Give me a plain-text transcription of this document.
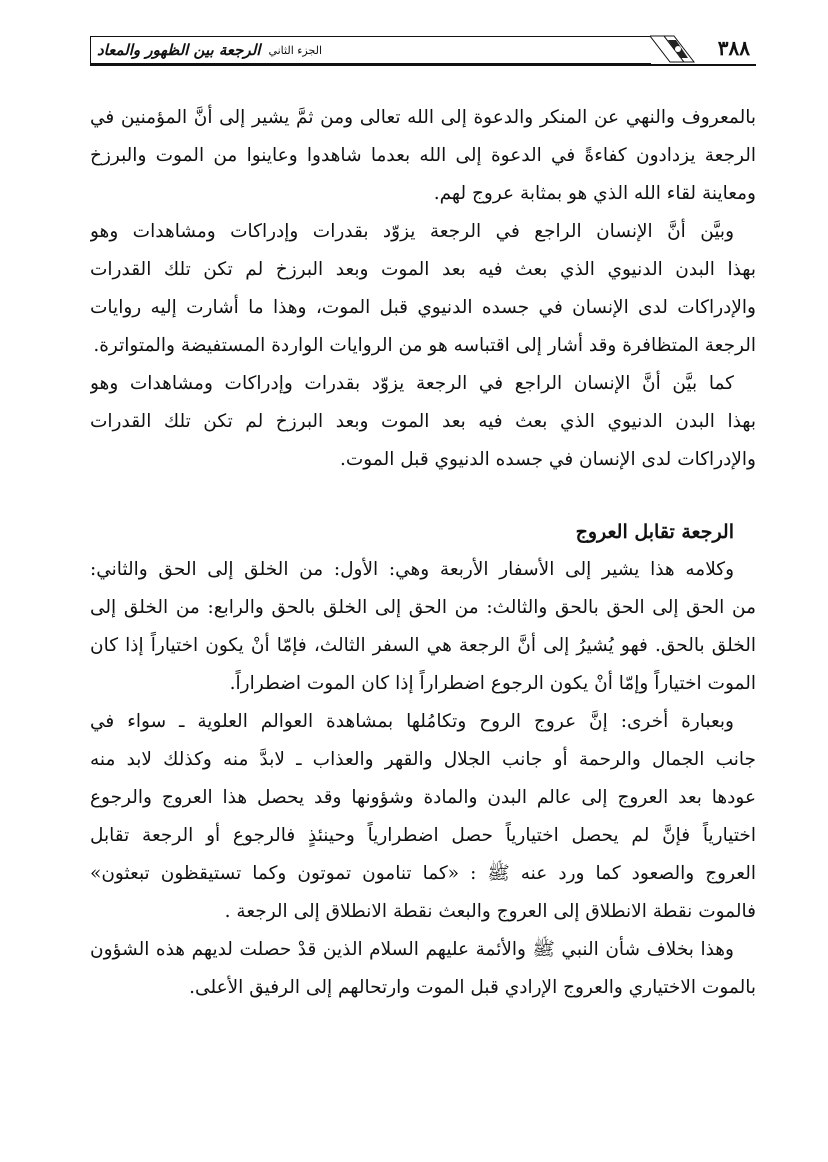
الرجعة بين الظهور والمعاد الجزء الثاني	٣٨٨
بالمعروف والنهي عن المنكر والدعوة إلى الله تعالى ومن ثمَّ يشير إلى أنَّ المؤمنين في
الرجعة يزدادون كفاءةً في الدعوة إلى الله بعدما شاهدوا وعاينوا من الموت والبرزخ
ومعاينة لقاء الله الذي هو بمثابة عروج لهم.
وبيَّن أنَّ الإنسان الراجع في الرجعة يزوّد بقدرات وإدراكات ومشاهدات وهو
بهذا البدن الدنيوي الذي بعث فيه بعد الموت وبعد البرزخ لم تكن تلك القدرات
والإدراكات لدى الإنسان في جسده الدنيوي قبل الموت، وهذا ما أشارت إليه روايات
الرجعة المتظافرة وقد أشار إلى اقتباسه هو من الروايات الواردة المستفيضة والمتواترة.
كما بيَّن أنَّ الإنسان الراجع في الرجعة يزوّد بقدرات وإدراكات ومشاهدات وهو
بهذا البدن الدنيوي الذي بعث فيه بعد الموت وبعد البرزخ لم تكن تلك القدرات
والإدراكات لدى الإنسان في جسده الدنيوي قبل الموت.
الرجعة تقابل العروج
وكلامه هذا يشير إلى الأسفار الأربعة وهي: الأول: من الخلق إلى الحق والثاني:
من الحق إلى الحق بالحق والثالث: من الحق إلى الخلق بالحق والرابع: من الخلق إلى
الخلق بالحق. فهو يُشيرُ إلى أنَّ الرجعة هي السفر الثالث، فإمّا أنْ يكون اختياراً إذا كان
الموت اختياراً وإمّا أنْ يكون الرجوع اضطراراً إذا كان الموت اضطراراً.
وبعبارة أخرى: إنَّ عروج الروح وتكامُلها بمشاهدة العوالم العلوية ـ سواء في
جانب الجمال والرحمة أو جانب الجلال والقهر والعذاب ـ لابدَّ منه وكذلك لابد منه
عودها بعد العروج إلى عالم البدن والمادة وشؤونها وقد يحصل هذا العروج والرجوع
اختيارياً فإنَّ لم يحصل اختيارياً حصل اضطرارياً وحينئذٍ فالرجوع أو الرجعة تقابل
العروج والصعود كما ورد عنه ﷺ : «كما تنامون تموتون وكما تستيقظون تبعثون»
فالموت نقطة الانطلاق إلى العروج والبعث نقطة الانطلاق إلى الرجعة .
وهذا بخلاف شأن النبي ﷺ والأئمة عليهم السلام الذين قدْ حصلت لديهم هذه الشؤون
بالموت الاختياري والعروج الإرادي قبل الموت وارتحالهم إلى الرفيق الأعلى.
